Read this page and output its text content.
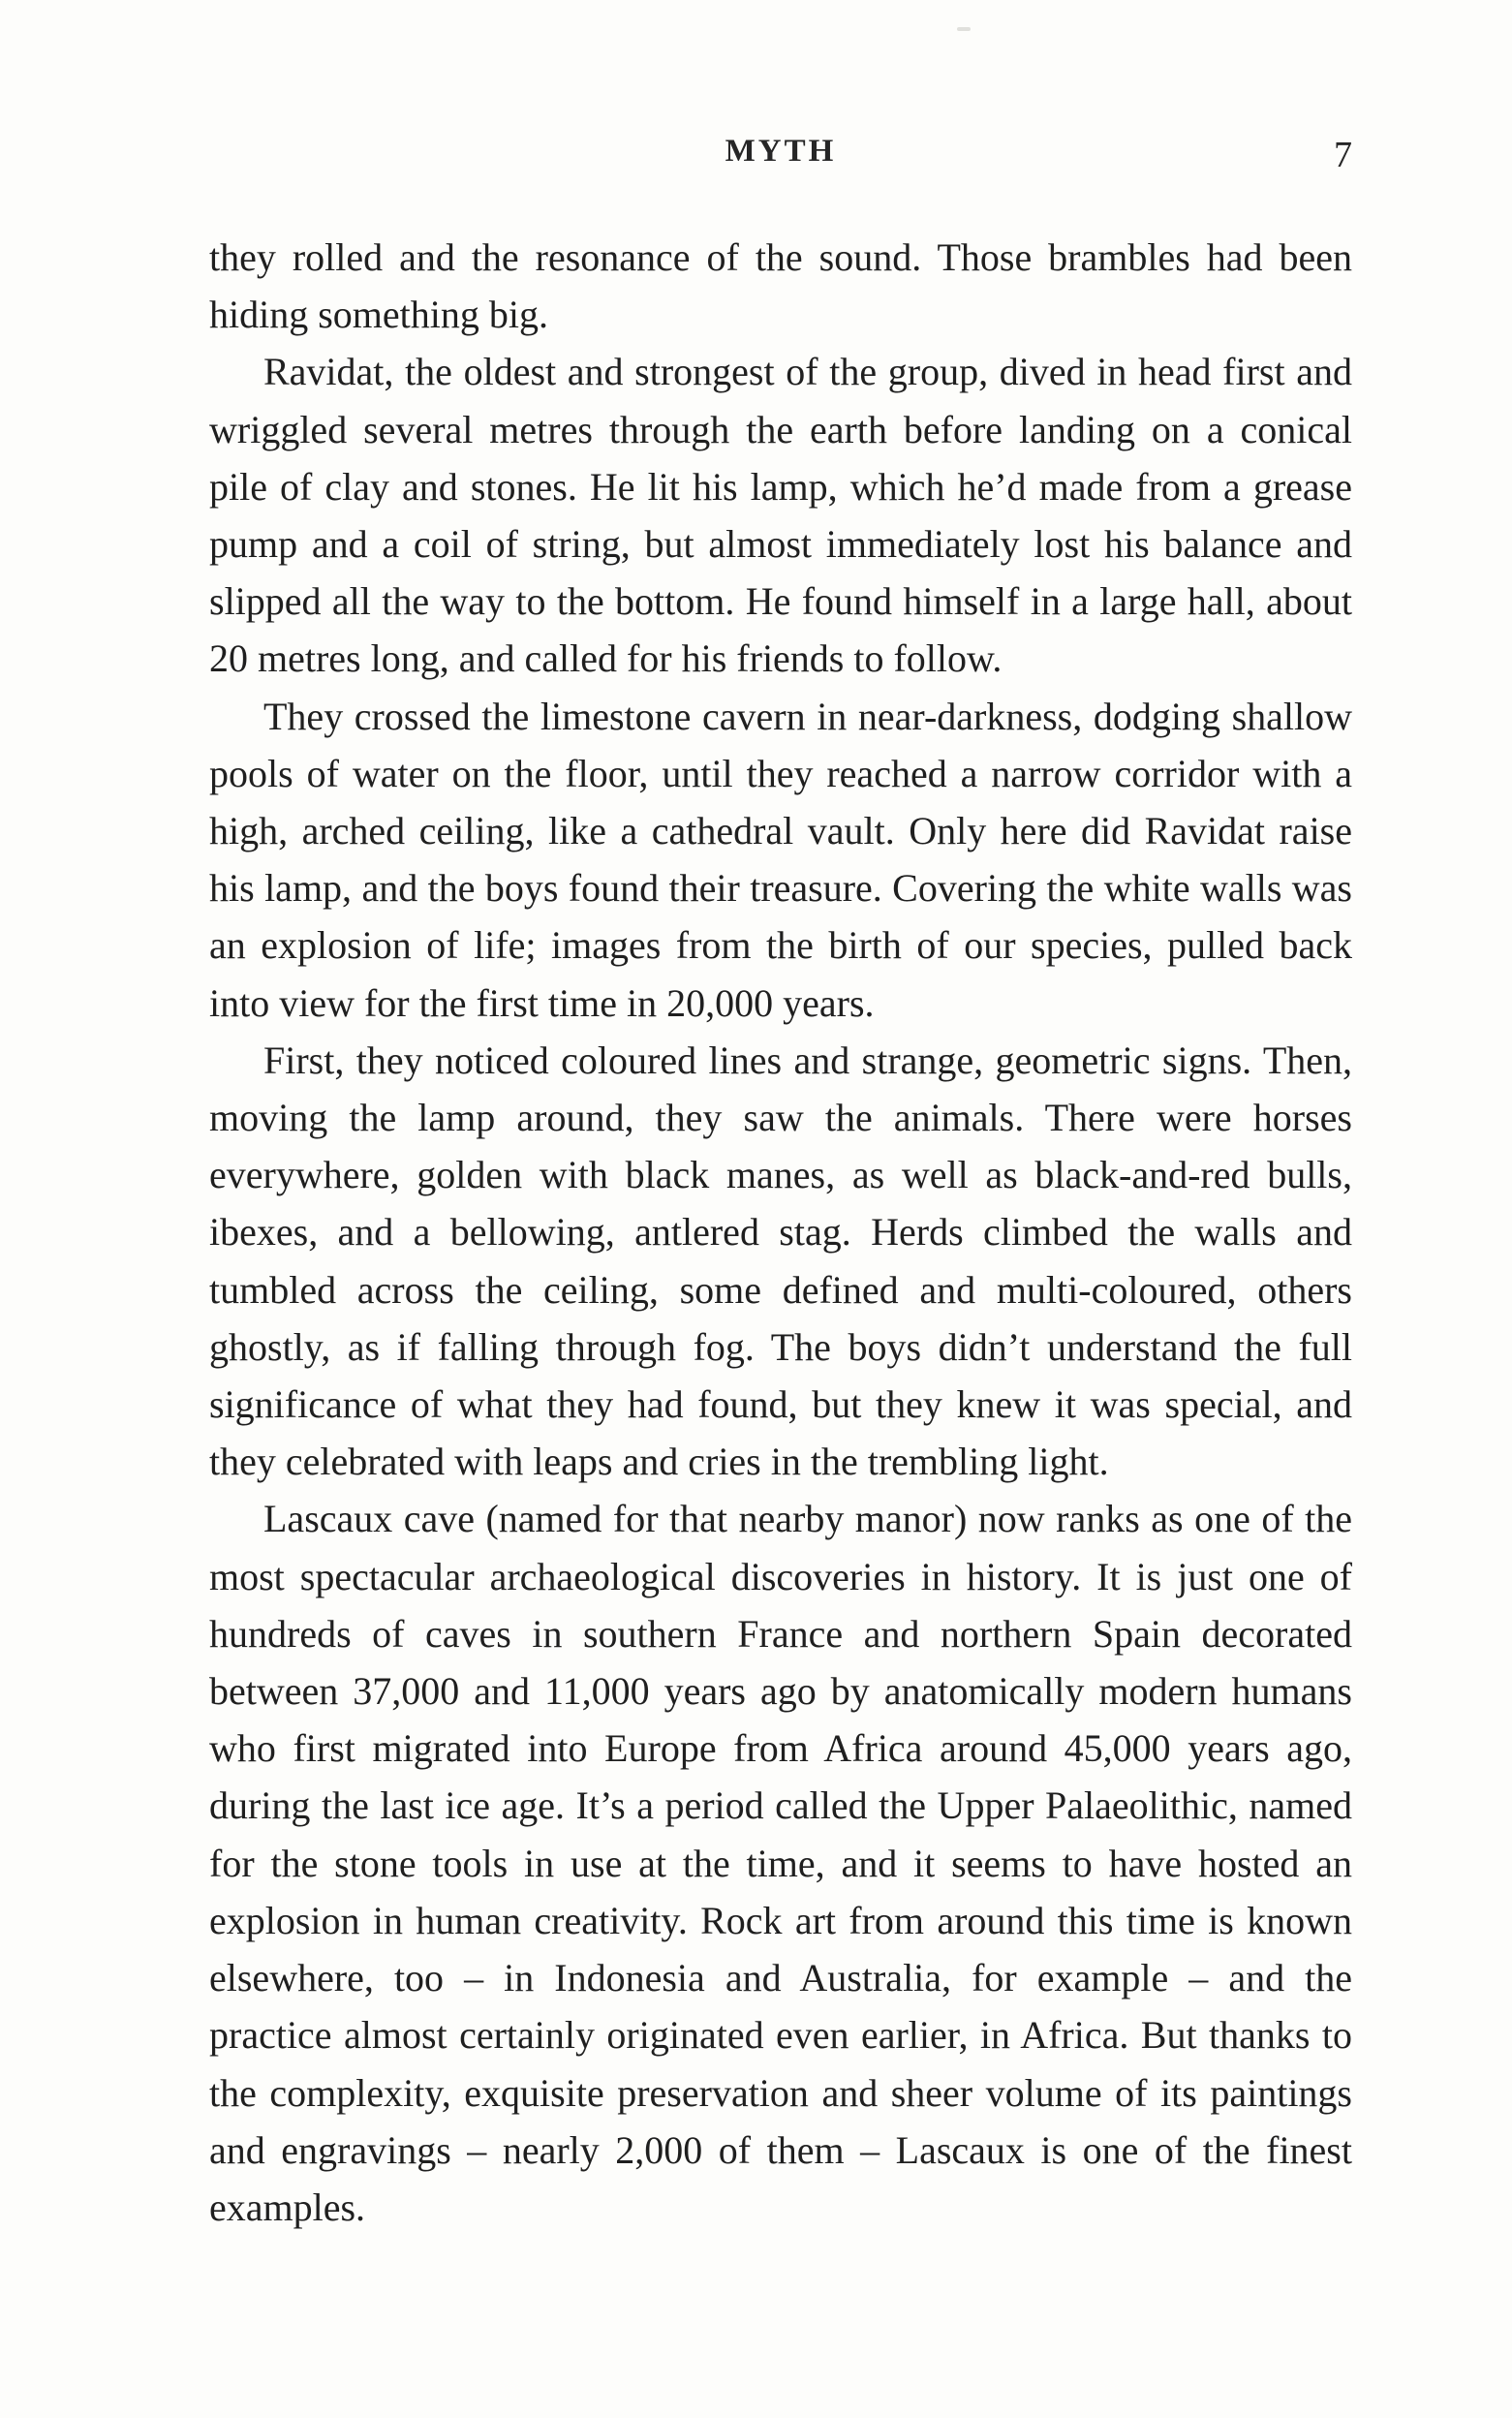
MYTH	7

they rolled and the resonance of the sound. Those brambles had been hiding something big.

Ravidat, the oldest and strongest of the group, dived in head first and wriggled several metres through the earth before landing on a conical pile of clay and stones. He lit his lamp, which he’d made from a grease pump and a coil of string, but almost immediately lost his balance and slipped all the way to the bottom. He found himself in a large hall, about 20 metres long, and called for his friends to follow.

They crossed the limestone cavern in near-darkness, dodging shallow pools of water on the floor, until they reached a narrow corridor with a high, arched ceiling, like a cathedral vault. Only here did Ravidat raise his lamp, and the boys found their treasure. Covering the white walls was an explosion of life; images from the birth of our species, pulled back into view for the first time in 20,000 years.

First, they noticed coloured lines and strange, geometric signs. Then, moving the lamp around, they saw the animals. There were horses everywhere, golden with black manes, as well as black-and-red bulls, ibexes, and a bellowing, antlered stag. Herds climbed the walls and tumbled across the ceiling, some defined and multi-coloured, others ghostly, as if falling through fog. The boys didn’t understand the full significance of what they had found, but they knew it was special, and they celebrated with leaps and cries in the trembling light.

Lascaux cave (named for that nearby manor) now ranks as one of the most spectacular archaeological discoveries in history. It is just one of hundreds of caves in southern France and northern Spain decorated between 37,000 and 11,000 years ago by anatomically modern humans who first migrated into Europe from Africa around 45,000 years ago, during the last ice age. It’s a period called the Upper Palaeolithic, named for the stone tools in use at the time, and it seems to have hosted an explosion in human creativity. Rock art from around this time is known elsewhere, too – in Indonesia and Australia, for example – and the practice almost certainly originated even earlier, in Africa. But thanks to the complexity, exquisite preservation and sheer volume of its paintings and engravings – nearly 2,000 of them – Lascaux is one of the finest examples.
